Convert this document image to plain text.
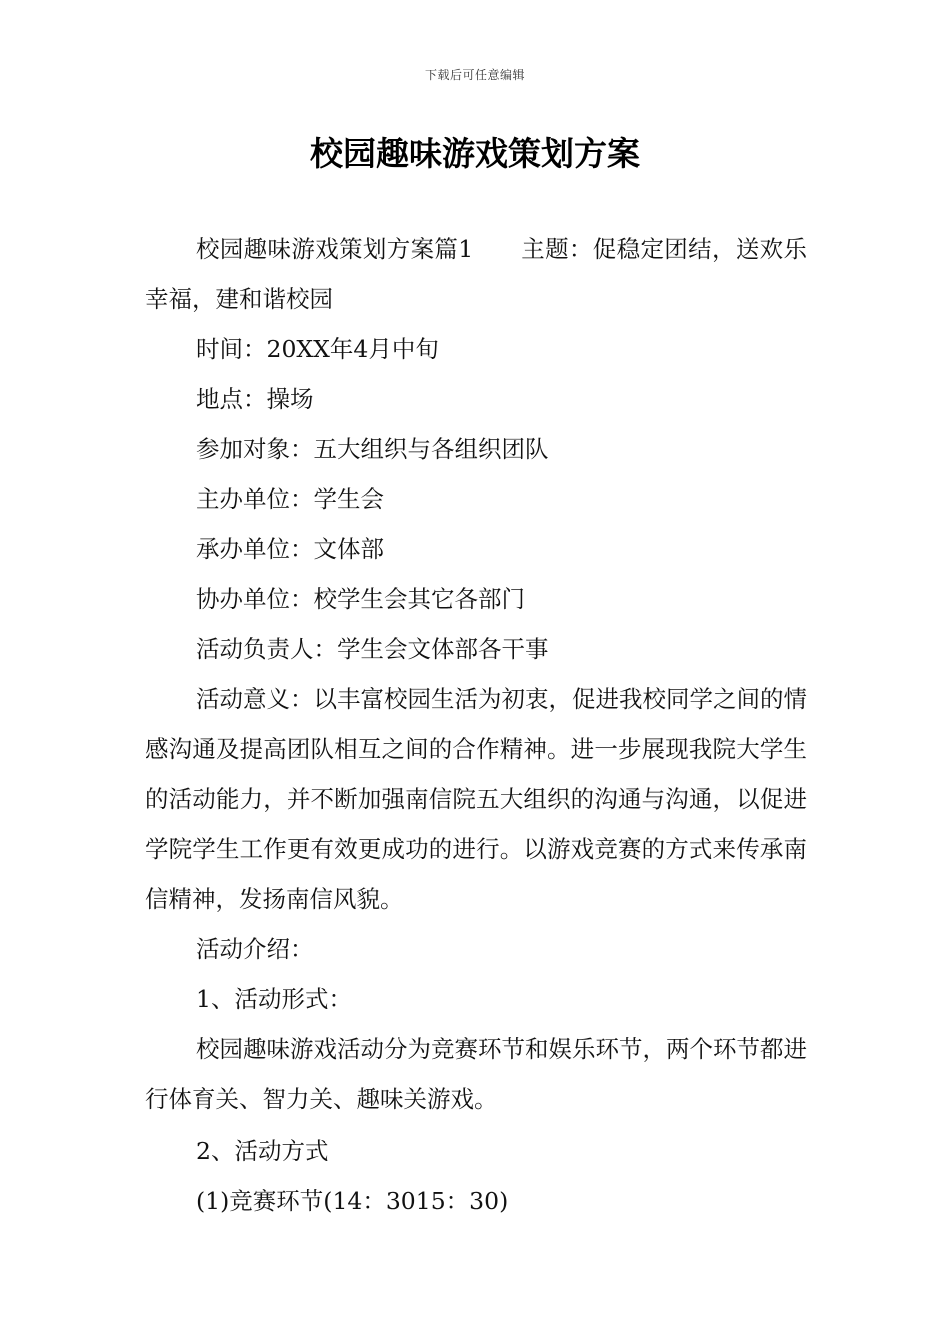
下载后可任意编辑
校园趣味游戏策划方案

校园趣味游戏策划方案篇1　　主题：促稳定团结，送欢乐幸福，建和谐校园

时间：20XX年4月中旬

地点：操场

参加对象：五大组织与各组织团队

主办单位：学生会

承办单位：文体部

协办单位：校学生会其它各部门

活动负责人：学生会文体部各干事

活动意义：以丰富校园生活为初衷，促进我校同学之间的情感沟通及提高团队相互之间的合作精神。进一步展现我院大学生的活动能力，并不断加强南信院五大组织的沟通与沟通，以促进学院学生工作更有效更成功的进行。以游戏竞赛的方式来传承南信精神，发扬南信风貌。

活动介绍：

1、活动形式：

校园趣味游戏活动分为竞赛环节和娱乐环节，两个环节都进行体育关、智力关、趣味关游戏。

2、活动方式

(1)竞赛环节(14：3015：30)
